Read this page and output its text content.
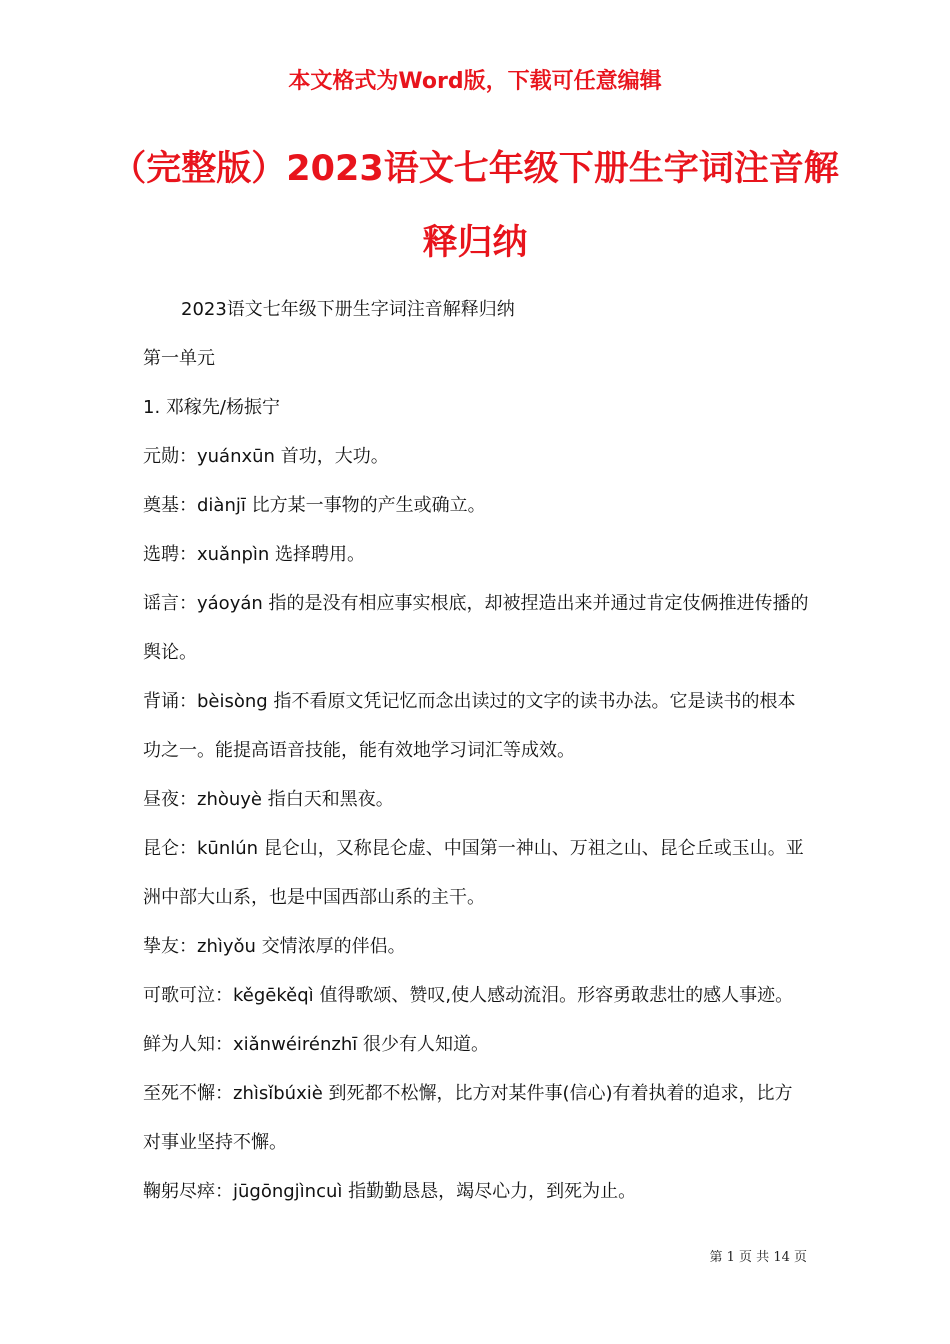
本文格式为Word版，下载可任意编辑
（完整版）2023语文七年级下册生字词注音解释归纳

2023语文七年级下册生字词注音解释归纳

第一单元

1. 邓稼先/杨振宁

元勋：yuánxūn 首功，大功。

奠基：diànjī 比方某一事物的产生或确立。

选聘：xuǎnpìn 选择聘用。

谣言：yáoyán 指的是没有相应事实根底，却被捏造出来并通过肯定伎俩推进传播的舆论。

背诵：bèisòng 指不看原文凭记忆而念出读过的文字的读书办法。它是读书的根本功之一。能提高语音技能，能有效地学习词汇等成效。

昼夜：zhòuyè 指白天和黑夜。

昆仑：kūnlún 昆仑山，又称昆仑虚、中国第一神山、万祖之山、昆仑丘或玉山。亚洲中部大山系，也是中国西部山系的主干。

挚友：zhìyǒu 交情浓厚的伴侣。

可歌可泣：kěgēkěqì 值得歌颂、赞叹,使人感动流泪。形容勇敢悲壮的感人事迹。

鲜为人知：xiǎnwéirénzhī 很少有人知道。

至死不懈：zhìsǐbúxiè 到死都不松懈，比方对某件事(信心)有着执着的追求，比方对事业坚持不懈。

鞠躬尽瘁：jūgōngjìncuì 指勤勤恳恳，竭尽心力，到死为止。

第 1 页 共 14 页
